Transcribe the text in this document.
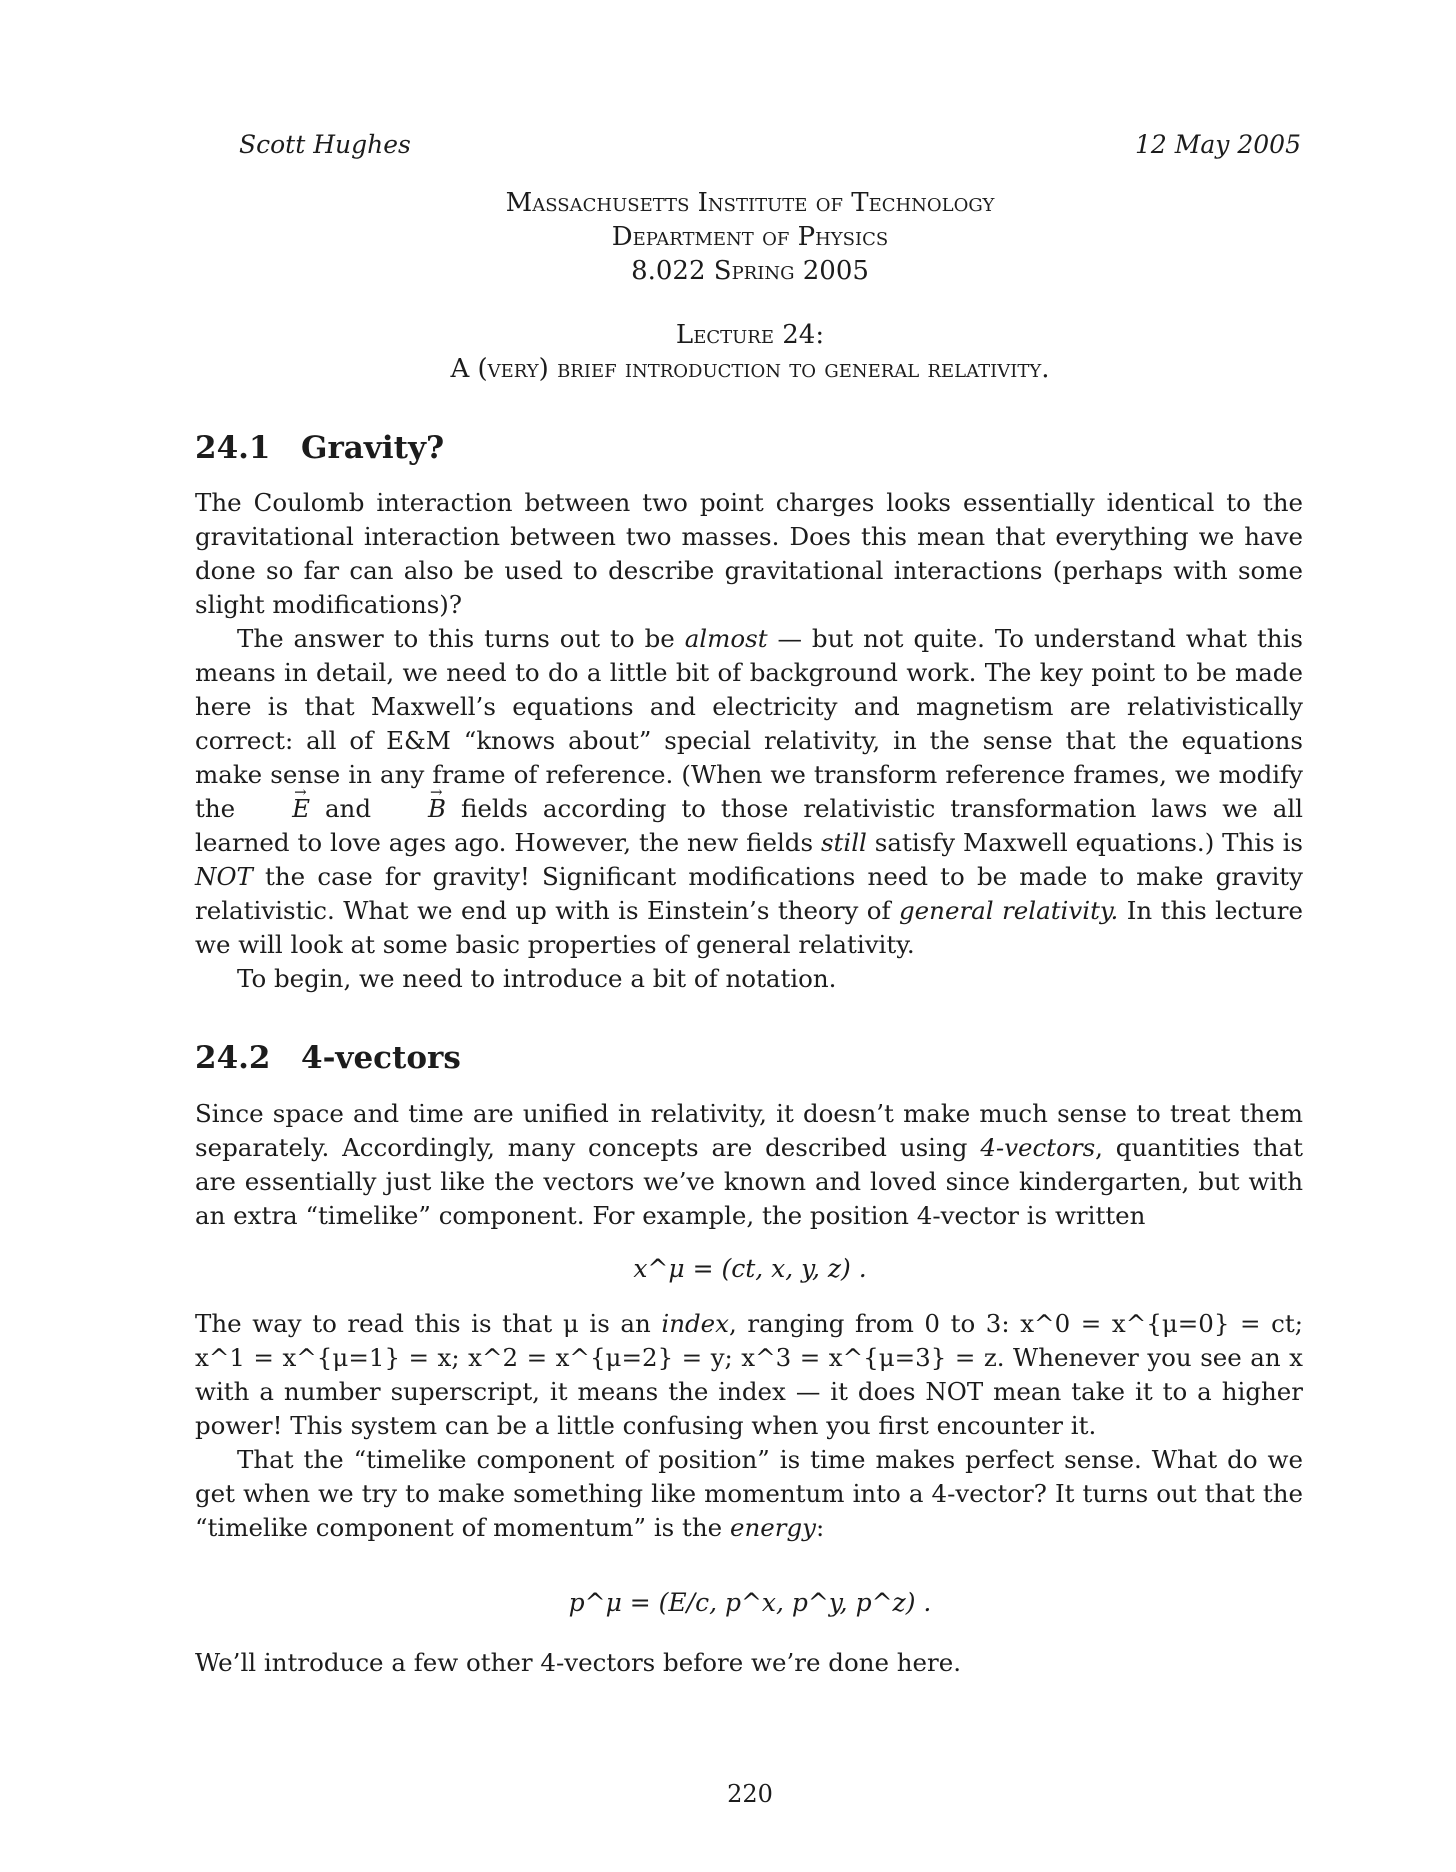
Scott Hughes	12 May 2005
Massachusetts Institute of Technology
Department of Physics
8.022 Spring 2005
Lecture 24:
A (very) brief introduction to general relativity.
24.1 Gravity?

The Coulomb interaction between two point charges looks essentially identical to the gravitational interaction between two masses. Does this mean that everything we have done so far can also be used to describe gravitational interactions (perhaps with some slight modifications)?

The answer to this turns out to be almost — but not quite. To understand what this means in detail, we need to do a little bit of background work. The key point to be made here is that Maxwell’s equations and electricity and magnetism are relativistically correct: all of E&M “knows about” special relativity, in the sense that the equations make sense in any frame of reference. (When we transform reference frames, we modify the → E and → B fields according to those relativistic transformation laws we all learned to love ages ago. However, the new fields still satisfy Maxwell equations.) This is NOT the case for gravity! Significant modifications need to be made to make gravity relativistic. What we end up with is Einstein’s theory of general relativity. In this lecture we will look at some basic properties of general relativity.

To begin, we need to introduce a bit of notation.

24.2 4-vectors

Since space and time are unified in relativity, it doesn’t make much sense to treat them separately. Accordingly, many concepts are described using 4-vectors, quantities that are essentially just like the vectors we’ve known and loved since kindergarten, but with an extra “timelike” component. For example, the position 4-vector is written

x^μ = (ct, x, y, z) .

The way to read this is that μ is an index, ranging from 0 to 3: x^0 = x^{μ=0} = ct; x^1 = x^{μ=1} = x; x^2 = x^{μ=2} = y; x^3 = x^{μ=3} = z. Whenever you see an x with a number superscript, it means the index — it does NOT mean take it to a higher power! This system can be a little confusing when you first encounter it.

That the “timelike component of position” is time makes perfect sense. What do we get when we try to make something like momentum into a 4-vector? It turns out that the “timelike component of momentum” is the energy:

p^μ = (E/c, p^x, p^y, p^z) .

We’ll introduce a few other 4-vectors before we’re done here.

220
